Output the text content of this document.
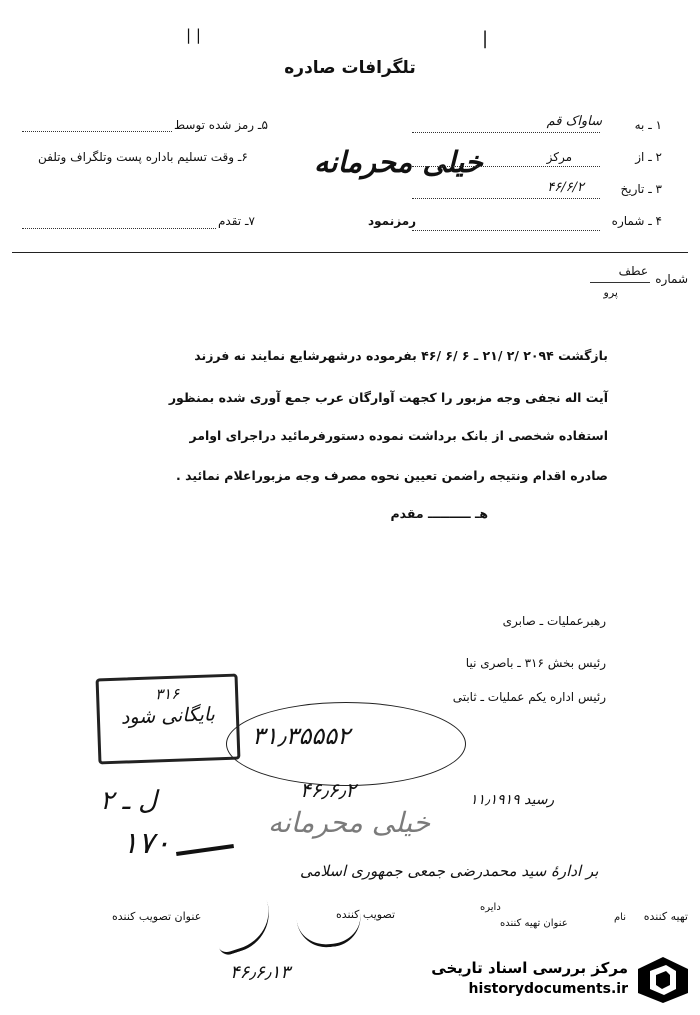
| |	|
تلگرافات صادره
۱ ـ به
ساواک قم
۲ ـ از
مرکز
خیلی محرمانه
۳ ـ تاریخ
۴۶/۶/۲
۴ ـ شماره
رمزنمود
۵ـ رمز شده توسط
۶ـ وقت تسلیم باداره پست وتلگراف وتلفن
۷ـ تقدم
شماره
عطف
پرو
بازگشت ۲۰۹۴ /۲ /۲۱ ـ ۶ /۶ /۴۶ بفرموده درشهرشایع نمایند نه فرزند
آیت اله نجفی وجه مزبور را کجهت آوارگان عرب جمع آوری شده بمنظور
استفاده شخصی از بانک برداشت نموده دستورفرمائید دراجرای اوامر
صادره اقدام ونتیجه راضمن تعیین نحوه مصرف وجه مزبوراعلام نمائید .
هـ ــــــــــ مقدم
رهبرعملیات ـ صابری
رئیس بخش ۳۱۶ ـ باصری نیا
رئیس اداره یکم عملیات ـ ثابتی
۳۱۶
بایگانی شود
۳۱٫۳۵۵۵۲
۴۶٫۶٫۲
ل ـ ۲	رسید ۱۱٫۱۹۱۹
خیلی محرمانه
۱۷۰
بر ادارۀ سید محمدرضی جمعی جمهوری اسلامی
تهیه کننده
نام
عنوان تهیه کننده
دایره
تصویب کننده
عنوان تصویب کننده
۴۶٫۶٫۱۳	مرکز بررسی اسناد تاریخی
historydocuments.ir
